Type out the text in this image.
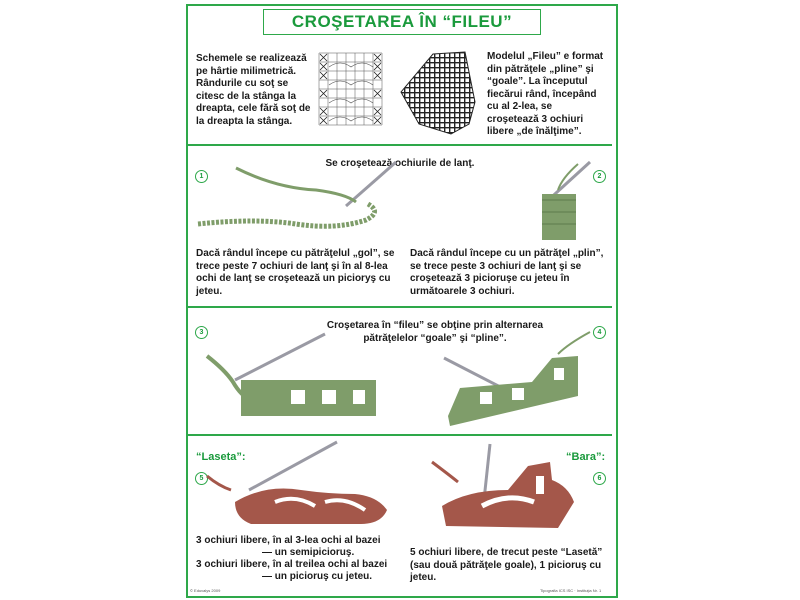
CROŞETAREA ÎN “FILEU”
Schemele se realizează pe hârtie milimetrică. Rândurile cu soţ se citesc de la stânga la dreapta, cele fără soţ de la dreapta la stânga.
Modelul „Fileu” e format din pătrăţele „pline” şi “goale”. La începutul fiecărui rând, începând cu al 2-lea, se croşetează 3 ochiuri libere „de înălţime”.
Se croşetează ochiurile de lanţ.
1	2
Dacă rândul începe cu pătrăţelul „gol”, se trece peste 7 ochiuri de lanţ şi în al 8-lea ochi de lanţ se croşetează un piciorуş cu jeteu.
Dacă rândul începe cu un pătrăţel „plin”, se trece peste 3 ochiuri de lanţ şi se croşetează 3 picioruşe cu jeteu în următoarele 3 ochiuri.
Croşetarea în “fileu” se obţine prin alternarea pătrăţelelor “goale” şi “pline”.
3	4
“Laseta”:	“Bara”:
5	6
3 ochiuri libere, în al 3-lea ochi al bazei
— un semipicioruş.
3 ochiuri libere, în al treilea ochi al bazei
— un picioruş cu jeteu.
5 ochiuri libere, de trecut peste “Lasetă” (sau două pătrăţele goale), 1 picioruş cu jeteu.
© Eduvalys 2009	Tipografia ICS ISC · Instituţia Nr. 1
